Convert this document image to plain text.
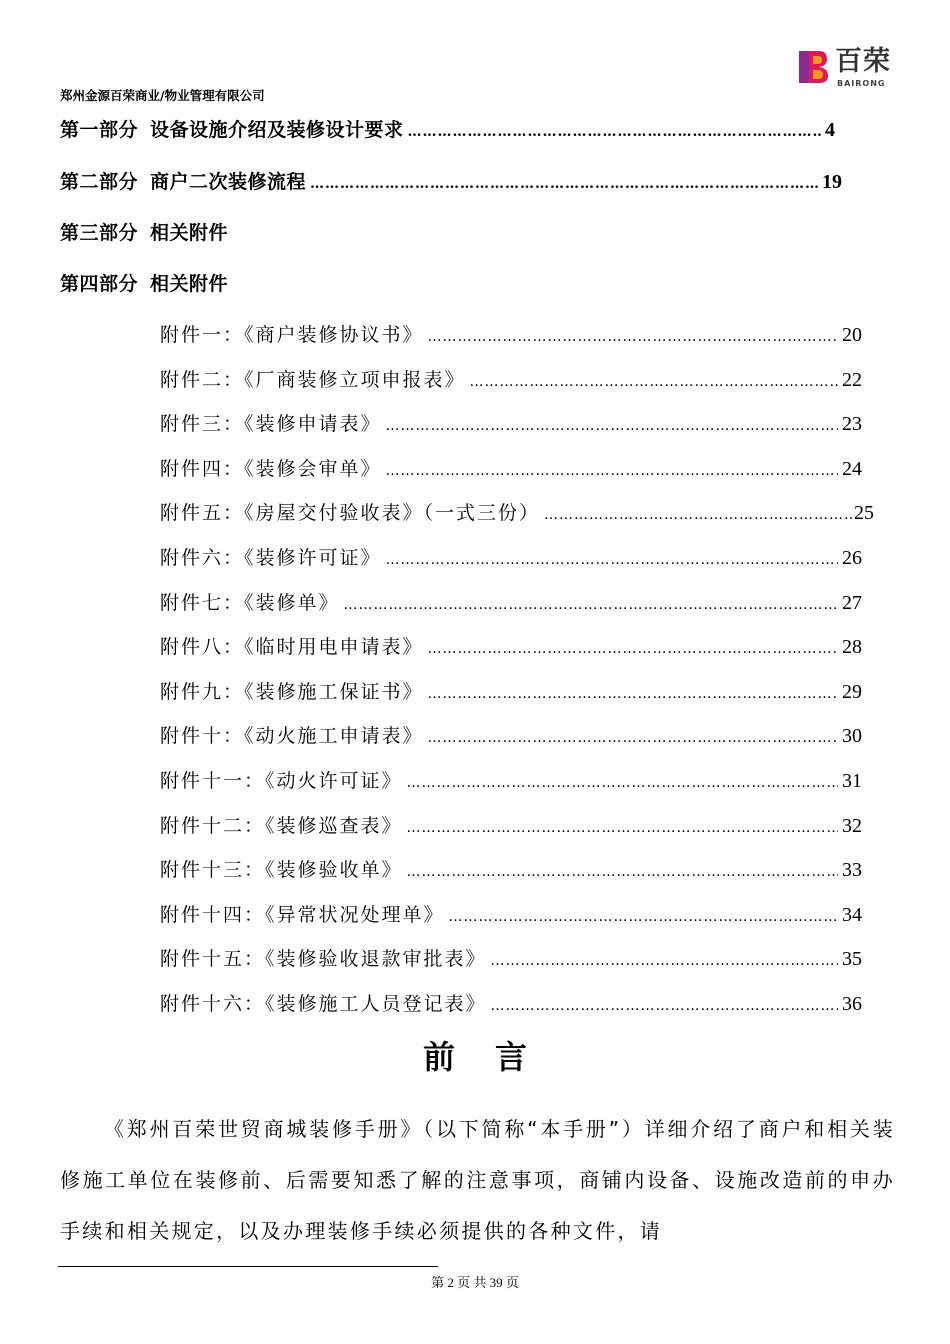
百荣
BAIRONG
郑州金源百荣商业/物业管理有限公司
第一部分 设备设施介绍及装修设计要求 …………………………………………………………………………………………………………………………………………………………	4
第二部分 商户二次装修流程 …………………………………………………………………………………………………………………………………………………………	19
第三部分 相关附件
第四部分 相关附件
附件一：《商户装修协议书》 …………………………………………………………………………………………………………………………………………………………	20
附件二：《厂商装修立项申报表》 …………………………………………………………………………………………………………………………………………………………	22
附件三：《装修申请表》 …………………………………………………………………………………………………………………………………………………………	23
附件四：《装修会审单》 …………………………………………………………………………………………………………………………………………………………	24
附件五：《房屋交付验收表》（一式三份） …………………………………………………………………………………………………………………………………………………………	25
附件六：《装修许可证》 …………………………………………………………………………………………………………………………………………………………	26
附件七：《装修单》 …………………………………………………………………………………………………………………………………………………………	27
附件八：《临时用电申请表》 …………………………………………………………………………………………………………………………………………………………	28
附件九：《装修施工保证书》 …………………………………………………………………………………………………………………………………………………………	29
附件十：《动火施工申请表》 …………………………………………………………………………………………………………………………………………………………	30
附件十一：《动火许可证》 …………………………………………………………………………………………………………………………………………………………	31
附件十二：《装修巡查表》 …………………………………………………………………………………………………………………………………………………………	32
附件十三：《装修验收单》 …………………………………………………………………………………………………………………………………………………………	33
附件十四：《异常状况处理单》 …………………………………………………………………………………………………………………………………………………………	34
附件十五：《装修验收退款审批表》 …………………………………………………………………………………………………………………………………………………………	35
附件十六：《装修施工人员登记表》 …………………………………………………………………………………………………………………………………………………………	36
前言
《郑州百荣世贸商城装修手册》（以下简称“本手册”）详细介绍了商户和相关装修施工单位在装修前、后需要知悉了解的注意事项，商铺内设备、设施改造前的申办手续和相关规定，以及办理装修手续必须提供的各种文件，请
第 2 页 共 39 页
